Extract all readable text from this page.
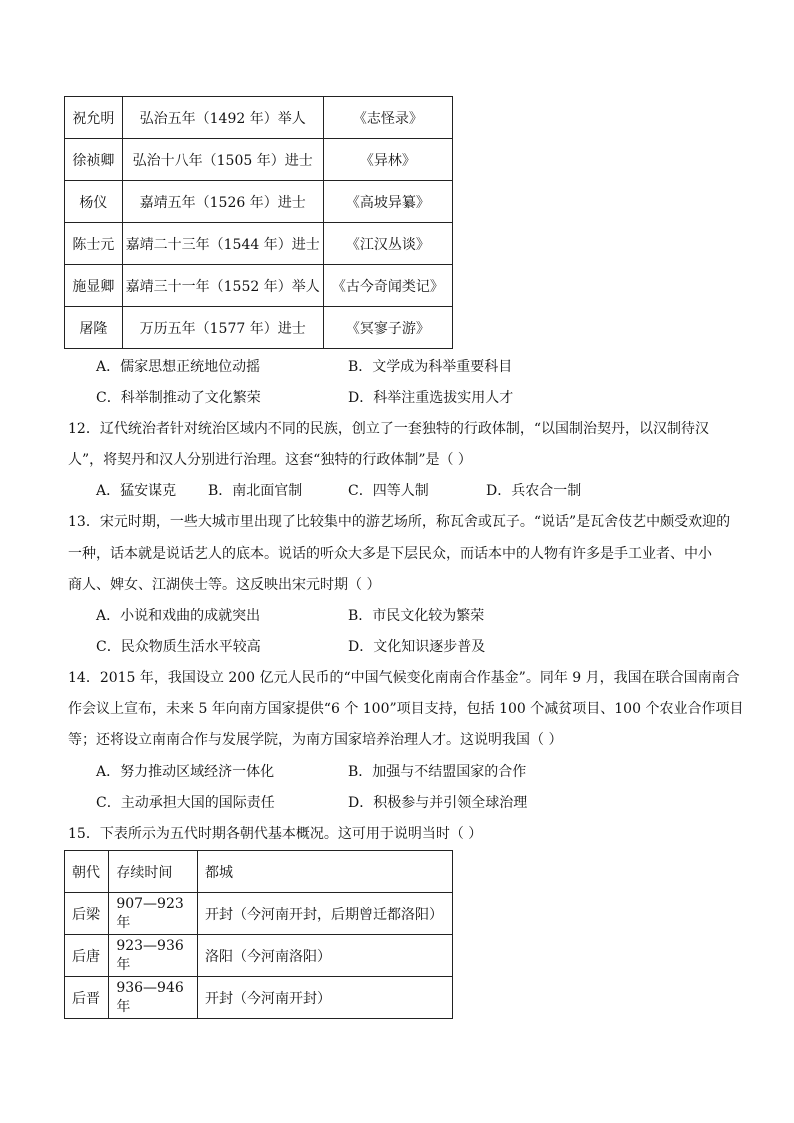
祝允明	弘治五年（1492 年）举人	《志怪录》
徐祯卿	弘治十八年（1505 年）进士	《异林》
杨仪	嘉靖五年（1526 年）进士	《高坡异纂》
陈士元	嘉靖二十三年（1544 年）进士	《江汉丛谈》
施显卿	嘉靖三十一年（1552 年）举人	《古今奇闻类记》
屠隆	万历五年（1577 年）进士	《冥寥子游》
A．儒家思想正统地位动摇	B．文学成为科举重要科目
C．科举制推动了文化繁荣	D．科举注重选拔实用人才
12．辽代统治者针对统治区域内不同的民族，创立了一套独特的行政体制，“以国制治契丹，以汉制待汉
人”，将契丹和汉人分别进行治理。这套“独特的行政体制”是（ ）
A．猛安谋克 B．南北面官制	C．四等人制	D．兵农合一制
13．宋元时期，一些大城市里出现了比较集中的游艺场所，称瓦舍或瓦子。“说话”是瓦舍伎艺中颇受欢迎的
一种，话本就是说话艺人的底本。说话的听众大多是下层民众，而话本中的人物有许多是手工业者、中小
商人、婢女、江湖侠士等。这反映出宋元时期（ ）
A．小说和戏曲的成就突出	B．市民文化较为繁荣
C．民众物质生活水平较高	D．文化知识逐步普及
14．2015 年，我国设立 200 亿元人民币的“中国气候变化南南合作基金”。同年 9 月，我国在联合国南南合
作会议上宣布，未来 5 年向南方国家提供“6 个 100”项目支持，包括 100 个减贫项目、100 个农业合作项目
等；还将设立南南合作与发展学院，为南方国家培养治理人才。这说明我国（ ）
A．努力推动区域经济一体化	B．加强与不结盟国家的合作
C．主动承担大国的国际责任	D．积极参与并引领全球治理
15．下表所示为五代时期各朝代基本概况。这可用于说明当时（ ）
朝代	存续时间	都城
后梁	907—923 年	开封（今河南开封，后期曾迁都洛阳）
后唐	923—936 年	洛阳（今河南洛阳）
后晋	936—946 年	开封（今河南开封）
